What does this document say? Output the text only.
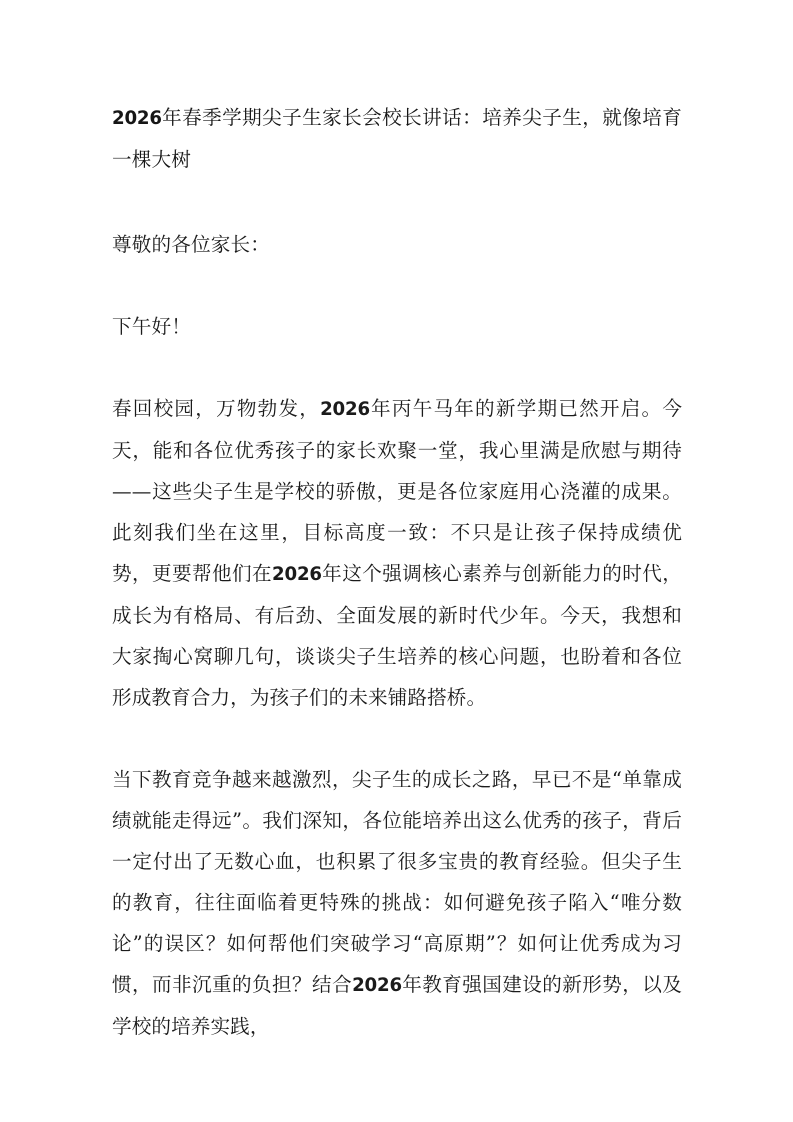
2026年春季学期尖子生家长会校长讲话：培养尖子生，就像培育一棵大树

尊敬的各位家长：

下午好！

春回校园，万物勃发，2026年丙午马年的新学期已然开启。今天，能和各位优秀孩子的家长欢聚一堂，我心里满是欣慰与期待——这些尖子生是学校的骄傲，更是各位家庭用心浇灌的成果。此刻我们坐在这里，目标高度一致：不只是让孩子保持成绩优势，更要帮他们在2026年这个强调核心素养与创新能力的时代，成长为有格局、有后劲、全面发展的新时代少年。今天，我想和大家掏心窝聊几句，谈谈尖子生培养的核心问题，也盼着和各位形成教育合力，为孩子们的未来铺路搭桥。

当下教育竞争越来越激烈，尖子生的成长之路，早已不是“单靠成绩就能走得远”。我们深知，各位能培养出这么优秀的孩子，背后一定付出了无数心血，也积累了很多宝贵的教育经验。但尖子生的教育，往往面临着更特殊的挑战：如何避免孩子陷入“唯分数论”的误区？如何帮他们突破学习“高原期”？如何让优秀成为习惯，而非沉重的负担？结合2026年教育强国建设的新形势，以及学校的培养实践，
